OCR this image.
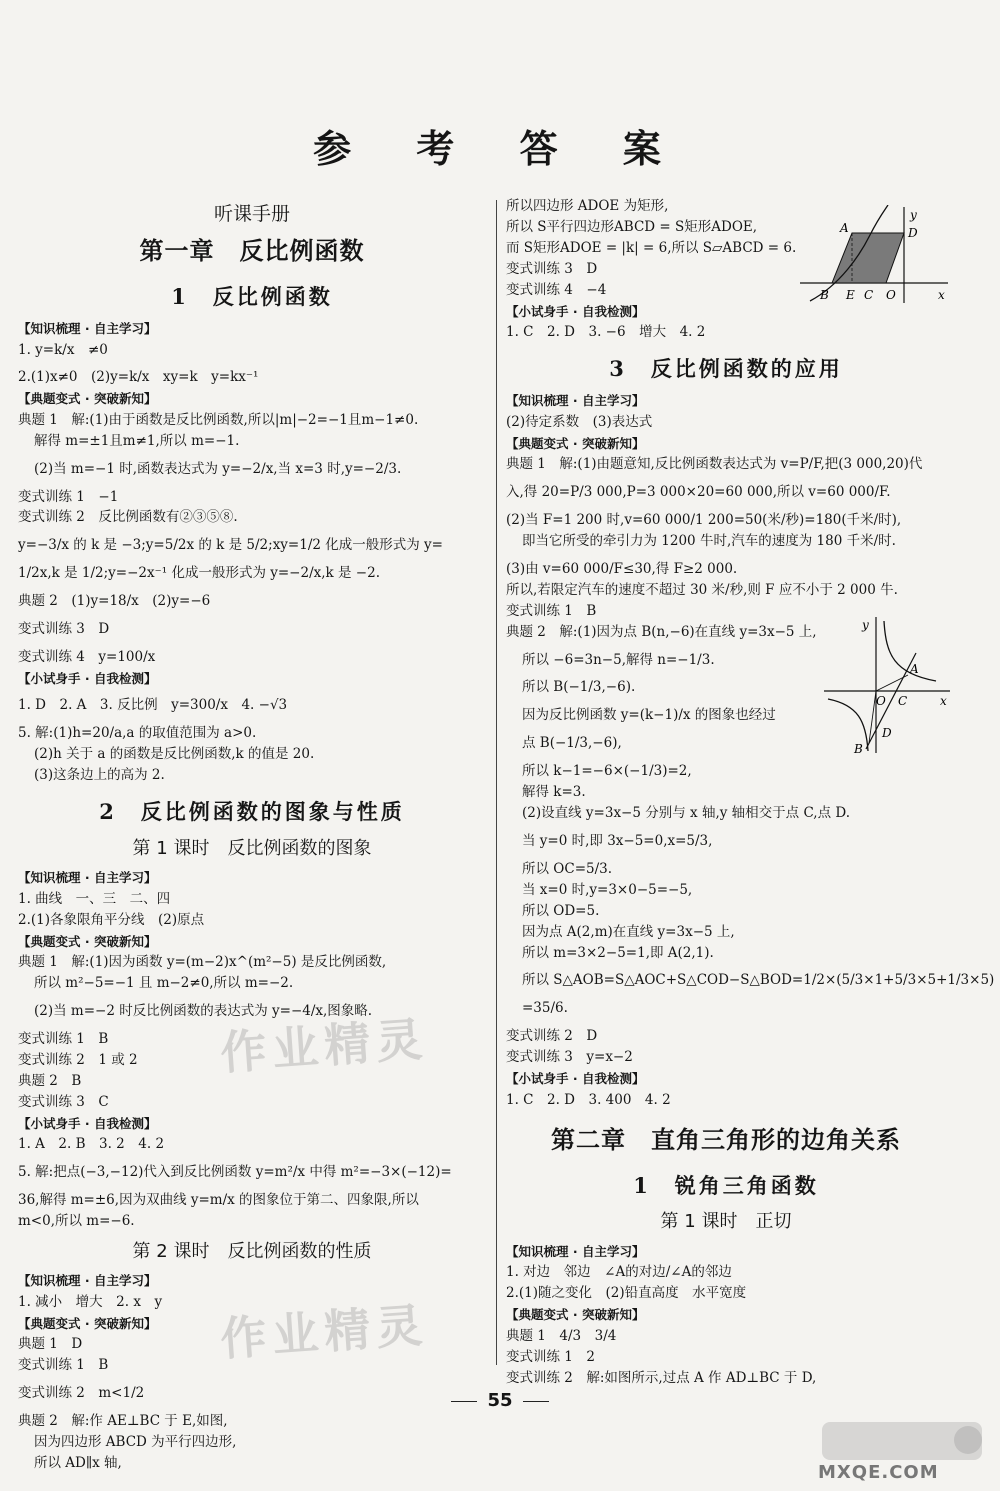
参 考 答 案
听课手册
第一章　反比例函数
1　反比例函数
【知识梳理 · 自主学习】

1. y=k/x　≠0

2.(1)x≠0　(2)y=k/x　xy=k　y=kx⁻¹

【典题变式 · 突破新知】

典题 1　解:(1)由于函数是反比例函数,所以|m|−2=−1且m−1≠0.

解得 m=±1且m≠1,所以 m=−1.

(2)当 m=−1 时,函数表达式为 y=−2/x,当 x=3 时,y=−2/3.

变式训练 1　−1

变式训练 2　反比例函数有②③⑤⑧.

y=−3/x 的 k 是 −3;y=5/2x 的 k 是 5/2;xy=1/2 化成一般形式为 y=

1/2x,k 是 1/2;y=−2x⁻¹ 化成一般形式为 y=−2/x,k 是 −2.

典题 2　(1)y=18/x　(2)y=−6

变式训练 3　D

变式训练 4　y=100/x

【小试身手 · 自我检测】

1. D　2. A　3. 反比例　y=300/x　4. −√3

5. 解:(1)h=20/a,a 的取值范围为 a>0.

(2)h 关于 a 的函数是反比例函数,k 的值是 20.

(3)这条边上的高为 2.

2　反比例函数的图象与性质
第 1 课时　反比例函数的图象
【知识梳理 · 自主学习】

1. 曲线　一、三　二、四

2.(1)各象限角平分线　(2)原点

【典题变式 · 突破新知】

典题 1　解:(1)因为函数 y=(m−2)x^(m²−5) 是反比例函数,

所以 m²−5=−1 且 m−2≠0,所以 m=−2.

(2)当 m=−2 时反比例函数的表达式为 y=−4/x,图象略.

变式训练 1　B

变式训练 2　1 或 2

典题 2　B

变式训练 3　C

【小试身手 · 自我检测】

1. A　2. B　3. 2　4. 2

5. 解:把点(−3,−12)代入到反比例函数 y=m²/x 中得 m²=−3×(−12)=

36,解得 m=±6,因为双曲线 y=m/x 的图象位于第二、四象限,所以

m<0,所以 m=−6.

第 2 课时　反比例函数的性质
【知识梳理 · 自主学习】

1. 减小　增大　2. x　y

【典题变式 · 突破新知】

典题 1　D

变式训练 1　B

变式训练 2　m<1/2

典题 2　解:作 AE⊥BC 于 E,如图,

因为四边形 ABCD 为平行四边形,

所以 AD∥x 轴,

所以四边形 ADOE 为矩形,

所以 S平行四边形ABCD = S矩形ADOE,

而 S矩形ADOE = |k| = 6,所以 S▱ABCD = 6.

变式训练 3　D

变式训练 4　−4

【小试身手 · 自我检测】

1. C　2. D　3. −6　增大　4. 2

3　反比例函数的应用
【知识梳理 · 自主学习】

(2)待定系数　(3)表达式

【典题变式 · 突破新知】

典题 1　解:(1)由题意知,反比例函数表达式为 v=P/F,把(3 000,20)代

入,得 20=P/3 000,P=3 000×20=60 000,所以 v=60 000/F.

(2)当 F=1 200 时,v=60 000/1 200=50(米/秒)=180(千米/时),

即当它所受的牵引力为 1200 牛时,汽车的速度为 180 千米/时.

(3)由 v=60 000/F≤30,得 F≥2 000.

所以,若限定汽车的速度不超过 30 米/秒,则 F 应不小于 2 000 牛.

变式训练 1　B

典题 2　解:(1)因为点 B(n,−6)在直线 y=3x−5 上,

所以 −6=3n−5,解得 n=−1/3.

所以 B(−1/3,−6).

因为反比例函数 y=(k−1)/x 的图象也经过

点 B(−1/3,−6),

所以 k−1=−6×(−1/3)=2,

解得 k=3.

(2)设直线 y=3x−5 分别与 x 轴,y 轴相交于点 C,点 D.

当 y=0 时,即 3x−5=0,x=5/3,

所以 OC=5/3.

当 x=0 时,y=3×0−5=−5,

所以 OD=5.

因为点 A(2,m)在直线 y=3x−5 上,

所以 m=3×2−5=1,即 A(2,1).

所以 S△AOB=S△AOC+S△COD−S△BOD=1/2×(5/3×1+5/3×5+1/3×5)

=35/6.

变式训练 2　D

变式训练 3　y=x−2

【小试身手 · 自我检测】

1. C　2. D　3. 400　4. 2

第二章　直角三角形的边角关系
1　锐角三角函数
第 1 课时　正切
【知识梳理 · 自主学习】

1. 对边　邻边　∠A的对边/∠A的邻边

2.(1)随之变化　(2)铅直高度　水平宽度

【典题变式 · 突破新知】

典题 1　4/3　3/4

变式训练 1　2

变式训练 2　解:如图所示,过点 A 作 AD⊥BC 于 D,

y
x
A	D
B E C O
y
x
A
O C
D
B
作业精灵
作业精灵
55
MXQE.COM
